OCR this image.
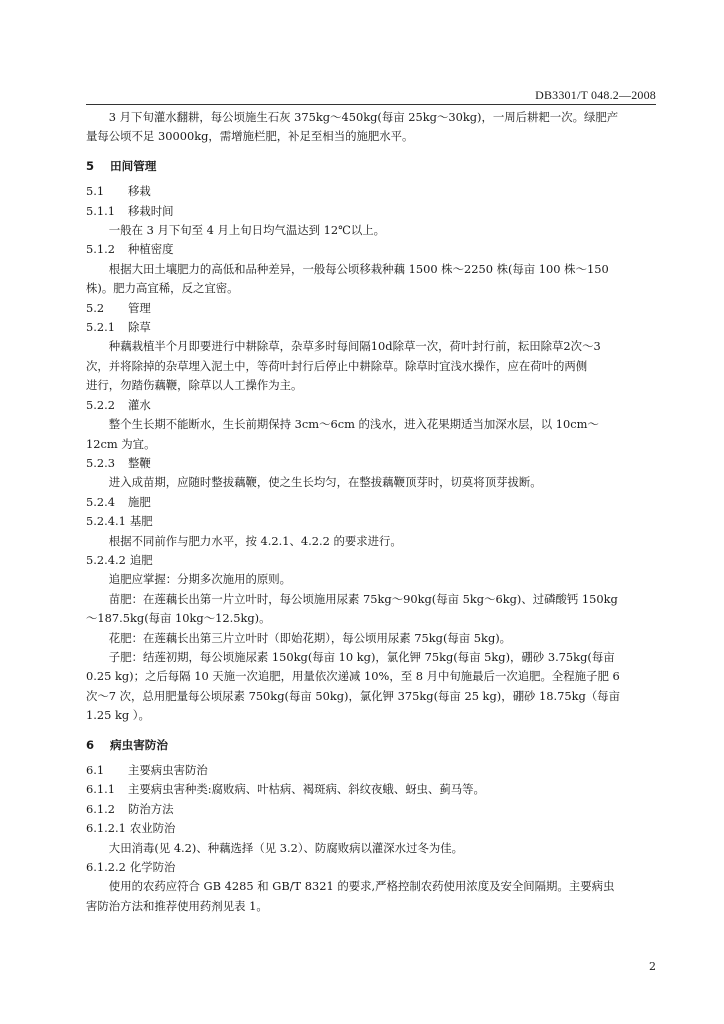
DB3301/T 048.2—2008
3 月下旬灌水翻耕，每公顷施生石灰 375kg～450kg(每亩 25kg～30kg)，一周后耕耙一次。绿肥产
量每公顷不足 30000kg，需增施栏肥，补足至相当的施肥水平。
5 田间管理
5.1 移栽
5.1.1 移栽时间
一般在 3 月下旬至 4 月上旬日均气温达到 12℃以上。
5.1.2 种植密度
根据大田土壤肥力的高低和品种差异，一般每公顷移栽种藕 1500 株～2250 株(每亩 100 株～150
株)。肥力高宜稀，反之宜密。
5.2 管理
5.2.1 除草
种藕栽植半个月即要进行中耕除草，杂草多时每间隔10d除草一次，荷叶封行前，耘田除草2次～3
次，并将除掉的杂草埋入泥土中，等荷叶封行后停止中耕除草。除草时宜浅水操作，应在荷叶的两侧
进行，勿踏伤藕鞭，除草以人工操作为主。
5.2.2 灌水
整个生长期不能断水，生长前期保持 3cm～6cm 的浅水，进入花果期适当加深水层，以 10cm～
12cm 为宜。
5.2.3 整鞭
进入成苗期，应随时整拔藕鞭，使之生长均匀，在整拔藕鞭顶芽时，切莫将顶芽拔断。
5.2.4 施肥
5.2.4.1 基肥
根据不同前作与肥力水平，按 4.2.1、4.2.2 的要求进行。
5.2.4.2 追肥
追肥应掌握：分期多次施用的原则。
苗肥：在莲藕长出第一片立叶时，每公顷施用尿素 75kg～90kg(每亩 5kg～6kg)、过磷酸钙 150kg
～187.5kg(每亩 10kg～12.5kg)。
花肥：在莲藕长出第三片立叶时（即始花期），每公顷用尿素 75kg(每亩 5kg)。
子肥：结莲初期，每公顷施尿素 150kg(每亩 10 kg)，氯化钾 75kg(每亩 5kg)，硼砂 3.75kg(每亩
0.25 kg)；之后每隔 10 天施一次追肥，用量依次递减 10%，至 8 月中旬施最后一次追肥。全程施子肥 6
次～7 次，总用肥量每公顷尿素 750kg(每亩 50kg)，氯化钾 375kg(每亩 25 kg)，硼砂 18.75kg（每亩
1.25 kg ）。
6 病虫害防治
6.1 主要病虫害防治
6.1.1 主要病虫害种类:腐败病、叶枯病、褐斑病、斜纹夜蛾、蚜虫、蓟马等。
6.1.2 防治方法
6.1.2.1 农业防治
大田消毒(见 4.2)、种藕选择（见 3.2）、防腐败病以灌深水过冬为佳。
6.1.2.2 化学防治
使用的农药应符合 GB 4285 和 GB/T 8321 的要求,严格控制农药使用浓度及安全间隔期。主要病虫
害防治方法和推荐使用药剂见表 1。
2
